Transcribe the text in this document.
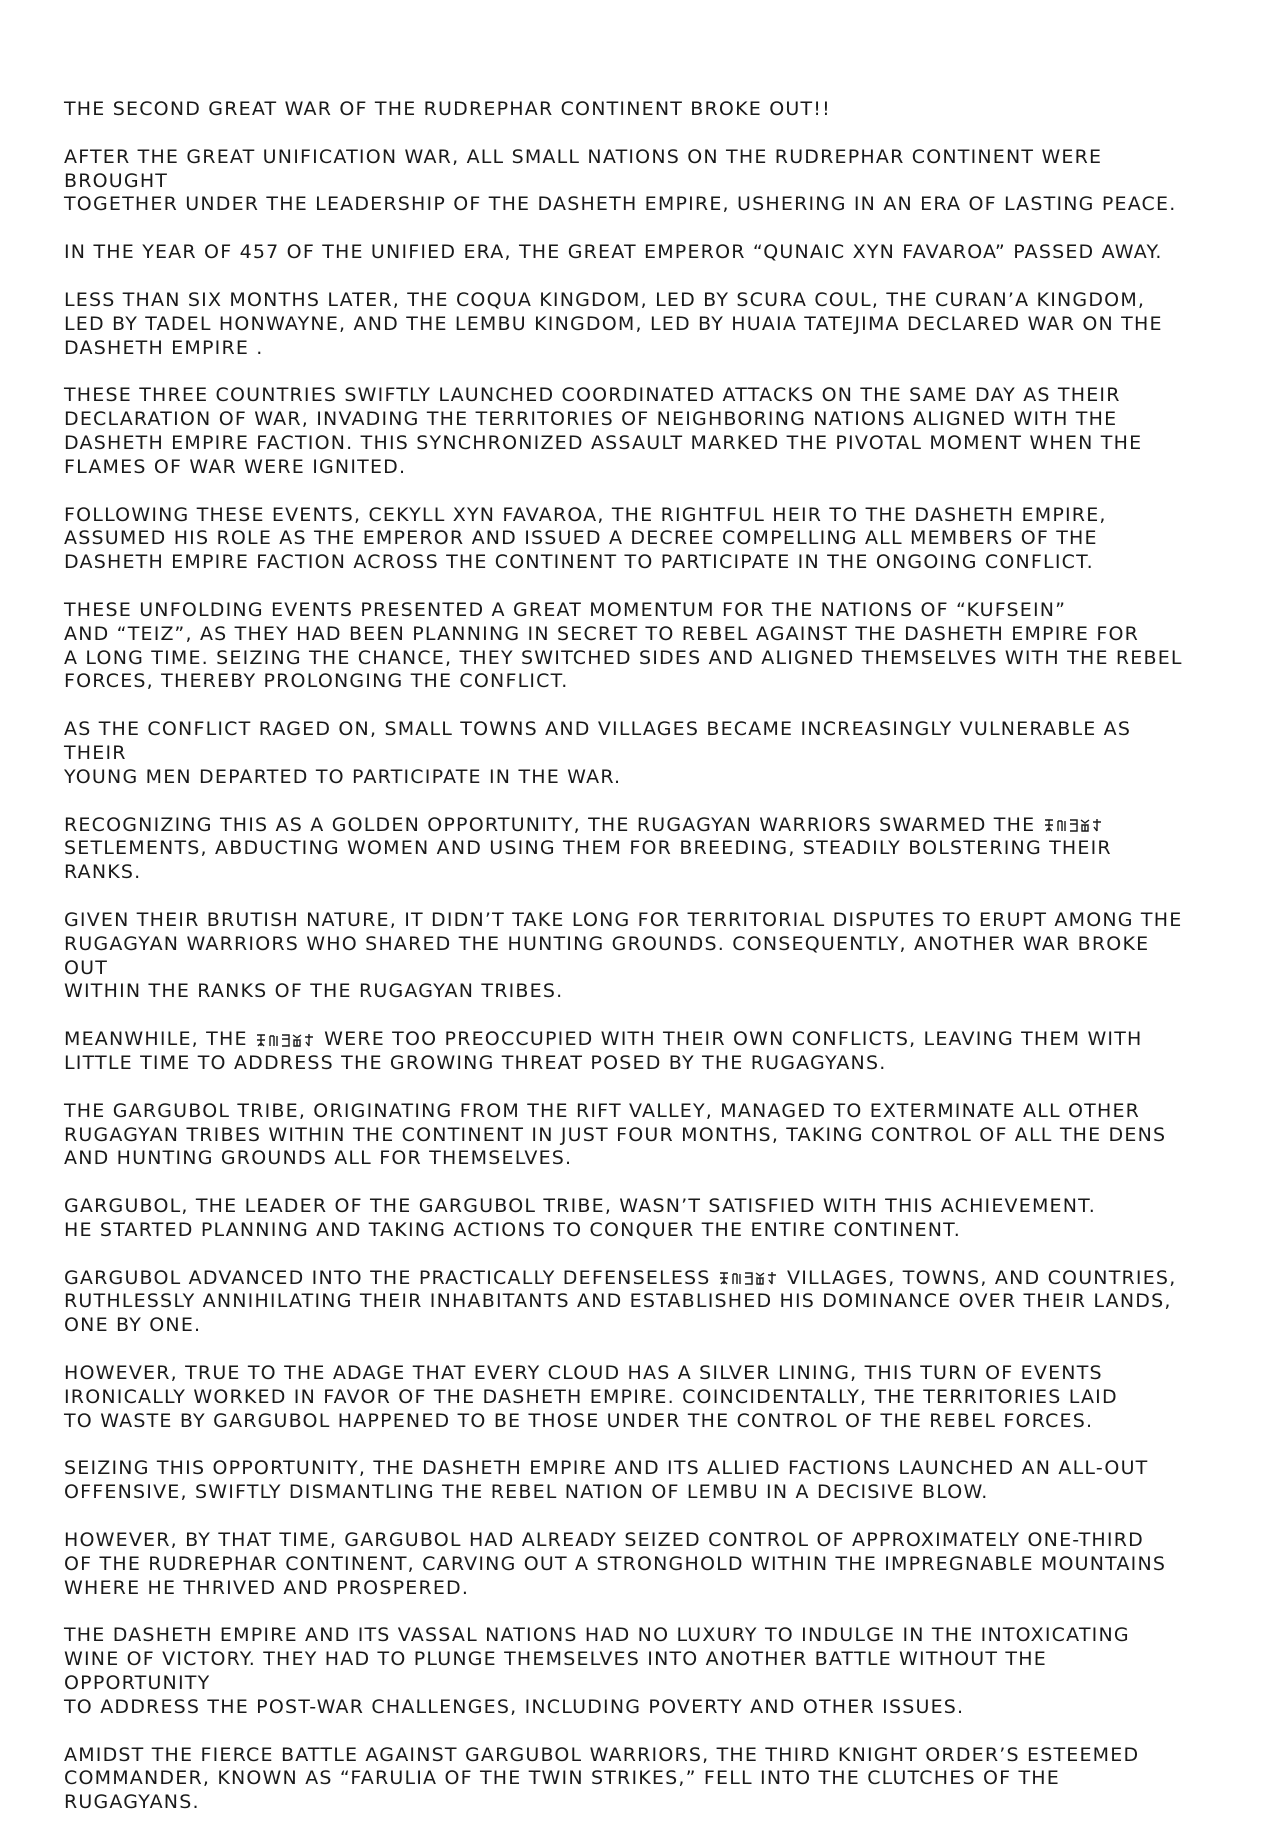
THE SECOND GREAT WAR OF THE RUDREPHAR CONTINENT BROKE OUT!!

AFTER THE GREAT UNIFICATION WAR, ALL SMALL NATIONS ON THE RUDREPHAR CONTINENT WERE BROUGHT
TOGETHER UNDER THE LEADERSHIP OF THE DASHETH EMPIRE, USHERING IN AN ERA OF LASTING PEACE.

IN THE YEAR OF 457 OF THE UNIFIED ERA, THE GREAT EMPEROR “QUNAIC XYN FAVAROA” PASSED AWAY.

LESS THAN SIX MONTHS LATER, THE COQUA KINGDOM, LED BY SCURA COUL, THE CURAN’A KINGDOM,
LED BY TADEL HONWAYNE, AND THE LEMBU KINGDOM, LED BY HUAIA TATEJIMA DECLARED WAR ON THE
DASHETH EMPIRE .

THESE THREE COUNTRIES SWIFTLY LAUNCHED COORDINATED ATTACKS ON THE SAME DAY AS THEIR
DECLARATION OF WAR, INVADING THE TERRITORIES OF NEIGHBORING NATIONS ALIGNED WITH THE
DASHETH EMPIRE FACTION. THIS SYNCHRONIZED ASSAULT MARKED THE PIVOTAL MOMENT WHEN THE
FLAMES OF WAR WERE IGNITED.

FOLLOWING THESE EVENTS, CEKYLL XYN FAVAROA, THE RIGHTFUL HEIR TO THE DASHETH EMPIRE,
ASSUMED HIS ROLE AS THE EMPEROR AND ISSUED A DECREE COMPELLING ALL MEMBERS OF THE
DASHETH EMPIRE FACTION ACROSS THE CONTINENT TO PARTICIPATE IN THE ONGOING CONFLICT.

THESE UNFOLDING EVENTS PRESENTED A GREAT MOMENTUM FOR THE NATIONS OF “KUFSEIN”
AND “TEIZ”, AS THEY HAD BEEN PLANNING IN SECRET TO REBEL AGAINST THE DASHETH EMPIRE FOR
A LONG TIME. SEIZING THE CHANCE, THEY SWITCHED SIDES AND ALIGNED THEMSELVES WITH THE REBEL
FORCES, THEREBY PROLONGING THE CONFLICT.

AS THE CONFLICT RAGED ON, SMALL TOWNS AND VILLAGES BECAME INCREASINGLY VULNERABLE AS THEIR
YOUNG MEN DEPARTED TO PARTICIPATE IN THE WAR.

RECOGNIZING THIS AS A GOLDEN OPPORTUNITY, THE RUGAGYAN WARRIORS SWARMED THE
SETLEMENTS, ABDUCTING WOMEN AND USING THEM FOR BREEDING, STEADILY BOLSTERING THEIR RANKS.

GIVEN THEIR BRUTISH NATURE, IT DIDN’T TAKE LONG FOR TERRITORIAL DISPUTES TO ERUPT AMONG THE
RUGAGYAN WARRIORS WHO SHARED THE HUNTING GROUNDS. CONSEQUENTLY, ANOTHER WAR BROKE OUT
WITHIN THE RANKS OF THE RUGAGYAN TRIBES.

MEANWHILE, THE	WERE TOO PREOCCUPIED WITH THEIR OWN CONFLICTS, LEAVING THEM WITH
LITTLE TIME TO ADDRESS THE GROWING THREAT POSED BY THE RUGAGYANS.

THE GARGUBOL TRIBE, ORIGINATING FROM THE RIFT VALLEY, MANAGED TO EXTERMINATE ALL OTHER
RUGAGYAN TRIBES WITHIN THE CONTINENT IN JUST FOUR MONTHS, TAKING CONTROL OF ALL THE DENS
AND HUNTING GROUNDS ALL FOR THEMSELVES.

GARGUBOL, THE LEADER OF THE GARGUBOL TRIBE, WASN’T SATISFIED WITH THIS ACHIEVEMENT.
HE STARTED PLANNING AND TAKING ACTIONS TO CONQUER THE ENTIRE CONTINENT.

GARGUBOL ADVANCED INTO THE PRACTICALLY DEFENSELESS	VILLAGES, TOWNS, AND COUNTRIES,
RUTHLESSLY ANNIHILATING THEIR INHABITANTS AND ESTABLISHED HIS DOMINANCE OVER THEIR LANDS,
ONE BY ONE.

HOWEVER, TRUE TO THE ADAGE THAT EVERY CLOUD HAS A SILVER LINING, THIS TURN OF EVENTS
IRONICALLY WORKED IN FAVOR OF THE DASHETH EMPIRE. COINCIDENTALLY, THE TERRITORIES LAID
TO WASTE BY GARGUBOL HAPPENED TO BE THOSE UNDER THE CONTROL OF THE REBEL FORCES.

SEIZING THIS OPPORTUNITY, THE DASHETH EMPIRE AND ITS ALLIED FACTIONS LAUNCHED AN ALL-OUT
OFFENSIVE, SWIFTLY DISMANTLING THE REBEL NATION OF LEMBU IN A DECISIVE BLOW.

HOWEVER, BY THAT TIME, GARGUBOL HAD ALREADY SEIZED CONTROL OF APPROXIMATELY ONE-THIRD
OF THE RUDREPHAR CONTINENT, CARVING OUT A STRONGHOLD WITHIN THE IMPREGNABLE MOUNTAINS
WHERE HE THRIVED AND PROSPERED.

THE DASHETH EMPIRE AND ITS VASSAL NATIONS HAD NO LUXURY TO INDULGE IN THE INTOXICATING
WINE OF VICTORY. THEY HAD TO PLUNGE THEMSELVES INTO ANOTHER BATTLE WITHOUT THE OPPORTUNITY
TO ADDRESS THE POST-WAR CHALLENGES, INCLUDING POVERTY AND OTHER ISSUES.

AMIDST THE FIERCE BATTLE AGAINST GARGUBOL WARRIORS, THE THIRD KNIGHT ORDER’S ESTEEMED
COMMANDER, KNOWN AS “FARULIA OF THE TWIN STRIKES,” FELL INTO THE CLUTCHES OF THE RUGAGYANS.
